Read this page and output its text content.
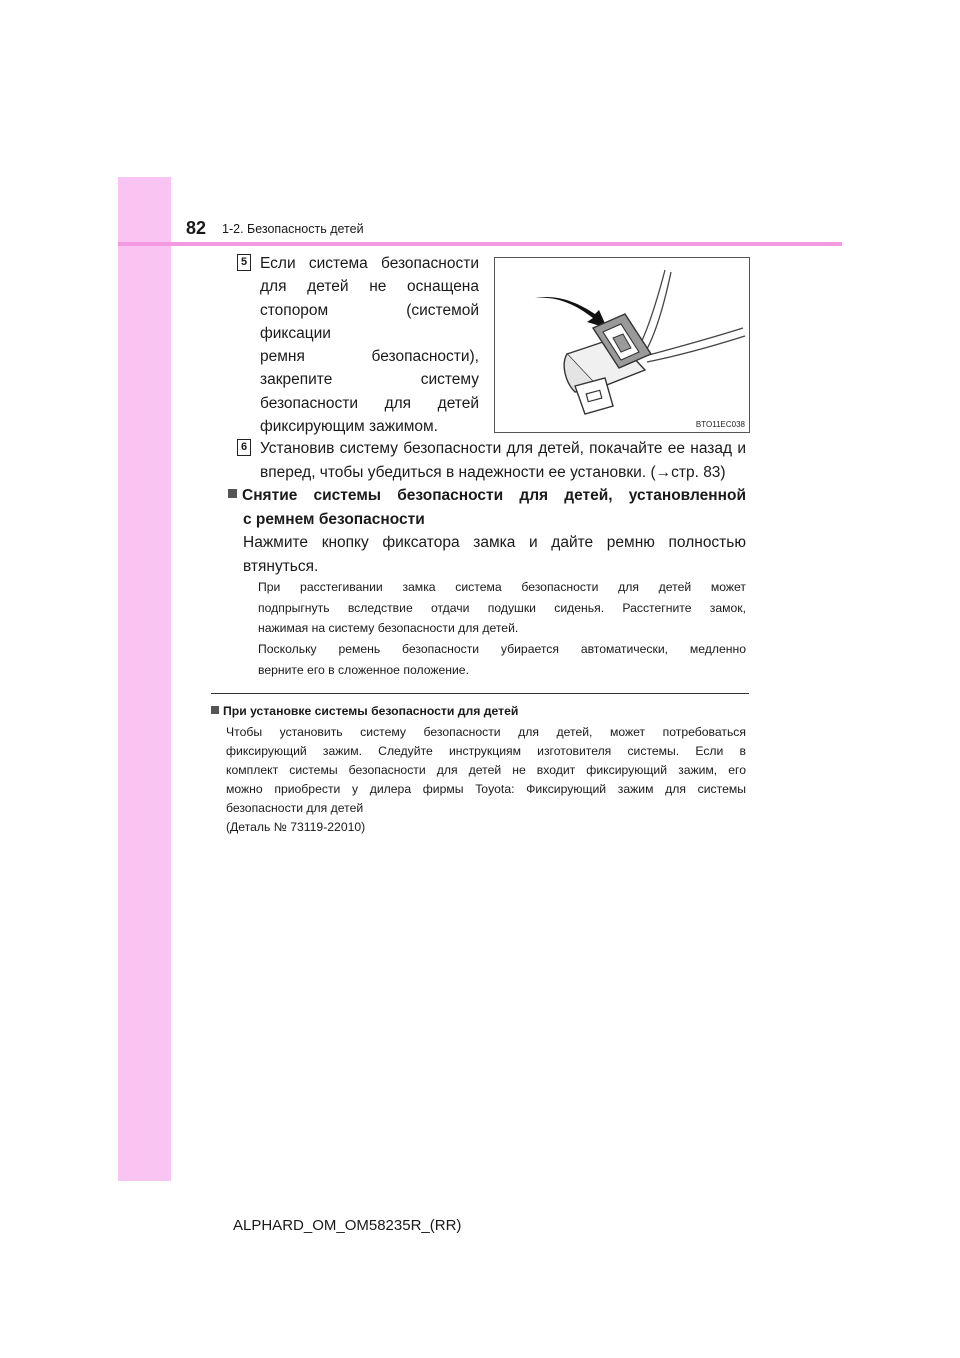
82 1-2. Безопасность детей
5 Если система безопасности
для детей не оснащена
стопором (системой фиксации
ремня безопасности),
закрепите систему
безопасности для детей

фиксирующим зажимом.	BTO11EC038
6 Установив систему безопасности для детей, покачайте ее назад и
вперед, чтобы убедиться в надежности ее установки. (→стр. 83)
Снятие системы безопасности для детей, установленной
с ремнем безопасности
Нажмите кнопку фиксатора замка и дайте ремню полностью
втянуться.
При расстегивании замка система безопасности для детей может
подпрыгнуть вследствие отдачи подушки сиденья. Расстегните замок,
нажимая на систему безопасности для детей.
Поскольку ремень безопасности убирается автоматически, медленно
верните его в сложенное положение.
При установке системы безопасности для детей
Чтобы установить систему безопасности для детей, может потребоваться
фиксирующий зажим. Следуйте инструкциям изготовителя системы. Если в
комплект системы безопасности для детей не входит фиксирующий зажим, его
можно приобрести у дилера фирмы Toyota: Фиксирующий зажим для системы
безопасности для детей
(Деталь № 73119-22010)
ALPHARD_OM_OM58235R_(RR)
